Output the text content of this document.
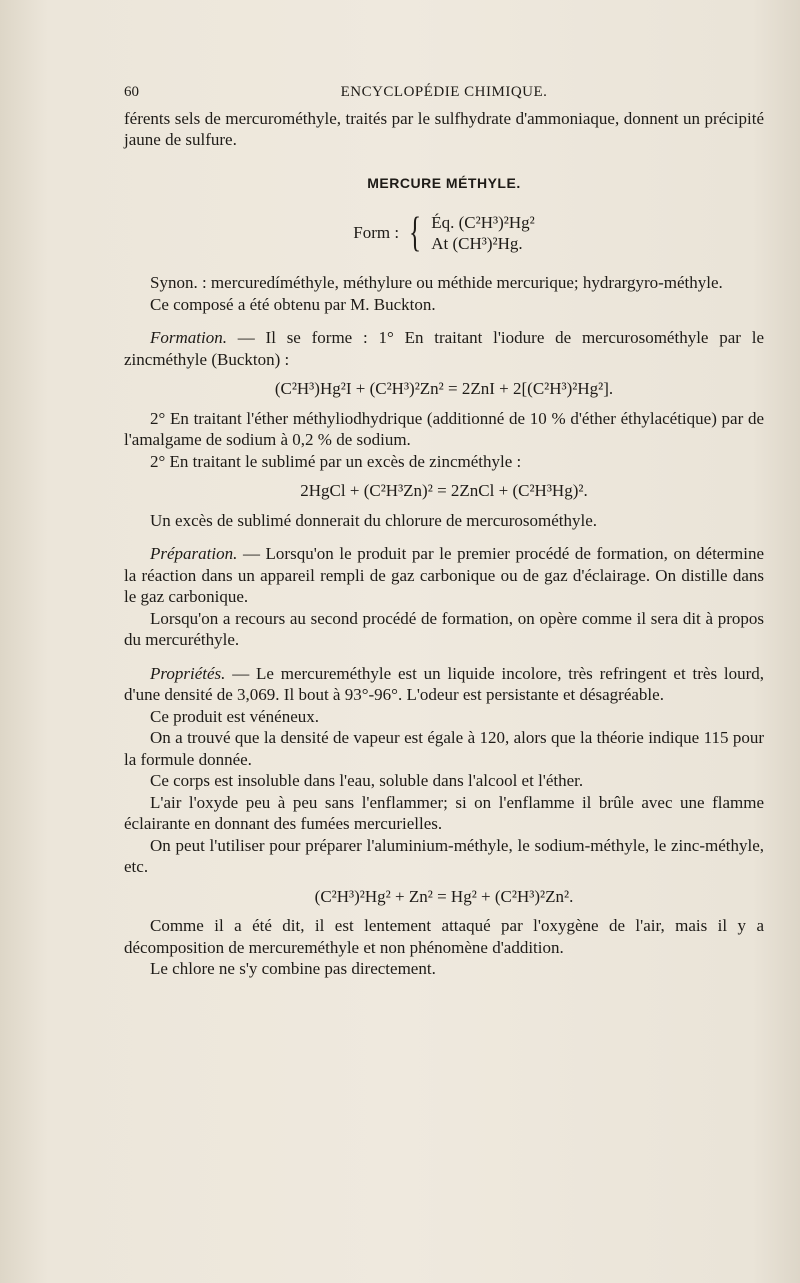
60	ENCYCLOPÉDIE CHIMIQUE.

férents sels de mercurométhyle, traités par le sulfhydrate d'ammoniaque, donnent un précipité jaune de sulfure.

MERCURE MÉTHYLE.
Form : { Éq. (C²H³)²Hg²
At (CH³)²Hg.

Synon. : mercuredíméthyle, méthylure ou méthide mercurique; hydrargyro-méthyle.

Ce composé a été obtenu par M. Buckton.

Formation. — Il se forme : 1° En traitant l'iodure de mercurosométhyle par le zincméthyle (Buckton) :

(C²H³)Hg²I + (C²H³)²Zn² = 2ZnI + 2[(C²H³)²Hg²].

2° En traitant l'éther méthyliodhydrique (additionné de 10 % d'éther éthylacétique) par de l'amalgame de sodium à 0,2 % de sodium.

2° En traitant le sublimé par un excès de zincméthyle :

2HgCl + (C²H³Zn)² = 2ZnCl + (C²H³Hg)².

Un excès de sublimé donnerait du chlorure de mercurosométhyle.

Préparation. — Lorsqu'on le produit par le premier procédé de formation, on détermine la réaction dans un appareil rempli de gaz carbonique ou de gaz d'éclairage. On distille dans le gaz carbonique.

Lorsqu'on a recours au second procédé de formation, on opère comme il sera dit à propos du mercuréthyle.

Propriétés. — Le mercureméthyle est un liquide incolore, très refringent et très lourd, d'une densité de 3,069. Il bout à 93°-96°. L'odeur est persistante et désagréable.

Ce produit est vénéneux.

On a trouvé que la densité de vapeur est égale à 120, alors que la théorie indique 115 pour la formule donnée.

Ce corps est insoluble dans l'eau, soluble dans l'alcool et l'éther.

L'air l'oxyde peu à peu sans l'enflammer; si on l'enflamme il brûle avec une flamme éclairante en donnant des fumées mercurielles.

On peut l'utiliser pour préparer l'aluminium-méthyle, le sodium-méthyle, le zinc-méthyle, etc.

(C²H³)²Hg² + Zn² = Hg² + (C²H³)²Zn².

Comme il a été dit, il est lentement attaqué par l'oxygène de l'air, mais il y a décomposition de mercureméthyle et non phénomène d'addition.

Le chlore ne s'y combine pas directement.
